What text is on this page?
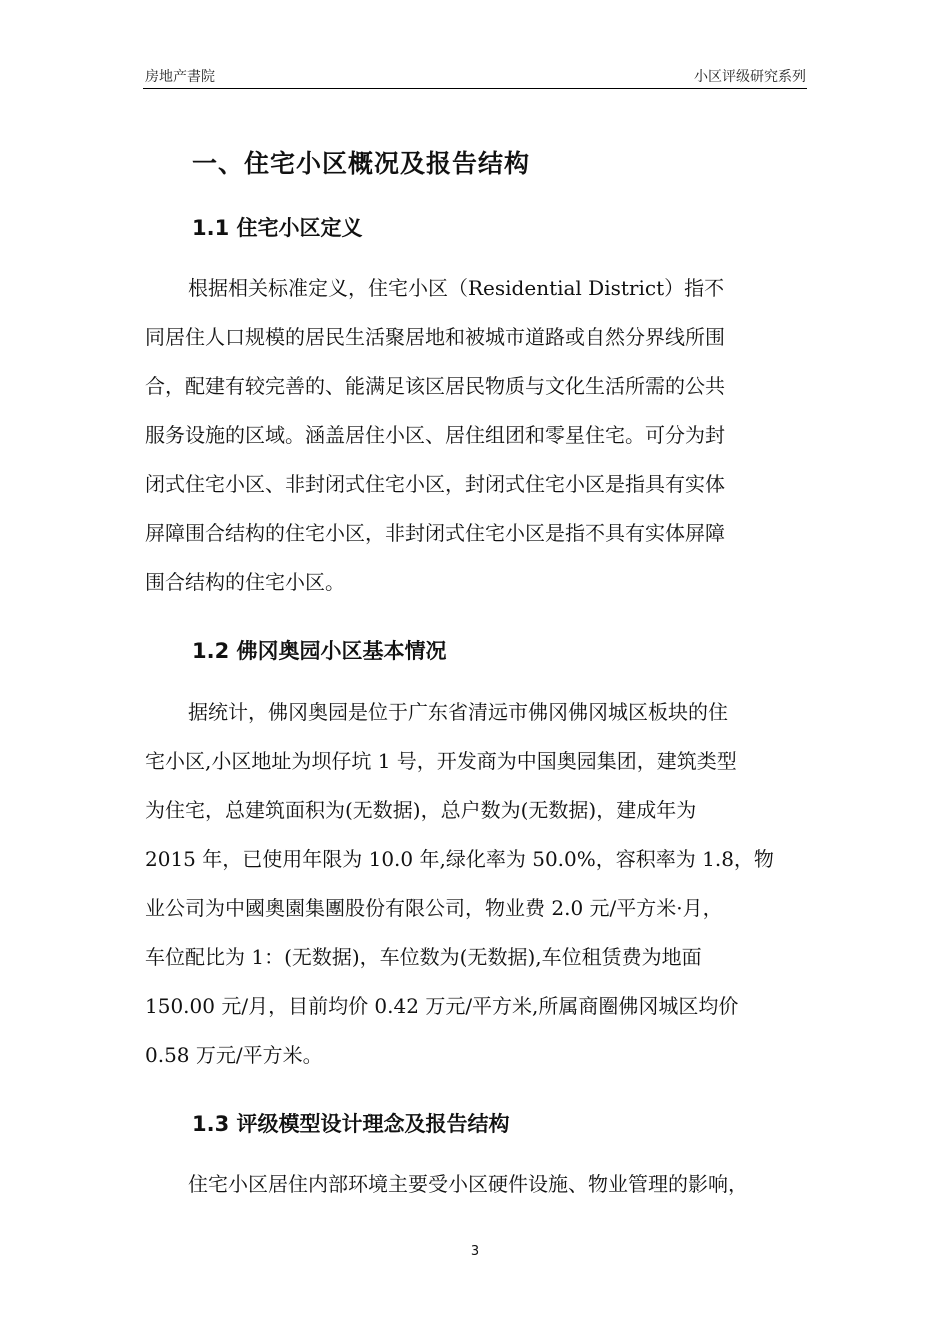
房地产書院	小区评级研究系列
一、住宅小区概况及报告结构
1.1 住宅小区定义
根据相关标准定义，住宅小区（Residential District）指不
同居住人口规模的居民生活聚居地和被城市道路或自然分界线所围
合，配建有较完善的、能满足该区居民物质与文化生活所需的公共
服务设施的区域。涵盖居住小区、居住组团和零星住宅。可分为封
闭式住宅小区、非封闭式住宅小区，封闭式住宅小区是指具有实体
屏障围合结构的住宅小区，非封闭式住宅小区是指不具有实体屏障
围合结构的住宅小区。
1.2 佛冈奥园小区基本情况
据统计，佛冈奥园是位于广东省清远市佛冈佛冈城区板块的住
宅小区,小区地址为坝仔坑 1 号，开发商为中国奥园集团，建筑类型
为住宅，总建筑面积为(无数据)，总户数为(无数据)，建成年为
2015 年，已使用年限为 10.0 年,绿化率为 50.0%，容积率为 1.8，物
业公司为中國奧園集團股份有限公司，物业费 2.0 元/平方米·月，
车位配比为 1：(无数据)，车位数为(无数据),车位租赁费为地面
150.00 元/月，目前均价 0.42 万元/平方米,所属商圈佛冈城区均价
0.58 万元/平方米。
1.3 评级模型设计理念及报告结构
住宅小区居住内部环境主要受小区硬件设施、物业管理的影响，
3
